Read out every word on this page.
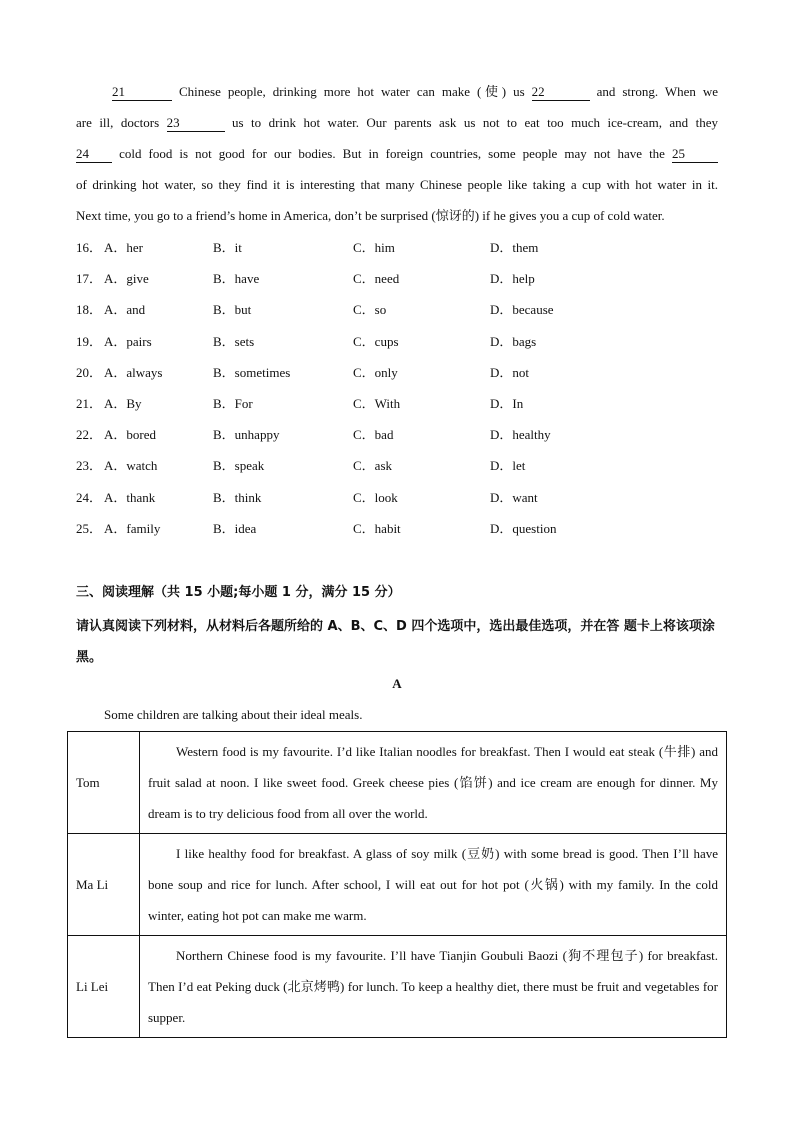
21	Chinese people, drinking more hot water can make (使) us 22	and strong. When we
are ill, doctors 23	us to drink hot water. Our parents ask us not to eat too much ice-cream, and they
24 cold food is not good for our bodies. But in foreign countries, some people may not have the 25
of drinking hot water, so they find it is interesting that many Chinese people like taking a cup with hot water in it.
Next time, you go to a friend’s home in America, don’t be surprised (惊讶的) if he gives you a cup of cold water.
16． A．her	B．it	C．him	D．them
17． A．give	B．have	C．need	D．help
18． A．and	B．but	C．so	D．because
19． A．pairs	B．sets	C．cups	D．bags
20． A．always	B．sometimes	C．only	D．not
21． A．By	B．For	C．With	D．In
22． A．bored	B．unhappy	C．bad	D．healthy
23． A．watch	B．speak	C．ask	D．let
24． A．thank	B．think	C．look	D．want
25． A．family	B．idea	C．habit	D．question
三、阅读理解（共 15 小题;每小题 1 分，满分 15 分）
请认真阅读下列材料，从材料后各题所给的 A、B、C、D 四个选项中，选出最佳选项，并在答 题卡上将该项涂黑。
A
Some children are talking about their ideal meals.
Tom	Western food is my favourite. I’d like Italian noodles for breakfast. Then I would eat steak (牛排) and fruit salad at noon. I like sweet food. Greek cheese pies (馅饼) and ice cream are enough for dinner. My dream is to try delicious food from all over the world.
Ma Li	I like healthy food for breakfast. A glass of soy milk (豆奶) with some bread is good. Then I’ll have bone soup and rice for lunch. After school, I will eat out for hot pot (火锅) with my family. In the cold winter, eating hot pot can make me warm.
Li Lei	Northern Chinese food is my favourite. I’ll have Tianjin Goubuli Baozi (狗不理包子) for breakfast. Then I’d eat Peking duck (北京烤鸭) for lunch. To keep a healthy diet, there must be fruit and vegetables for supper.
